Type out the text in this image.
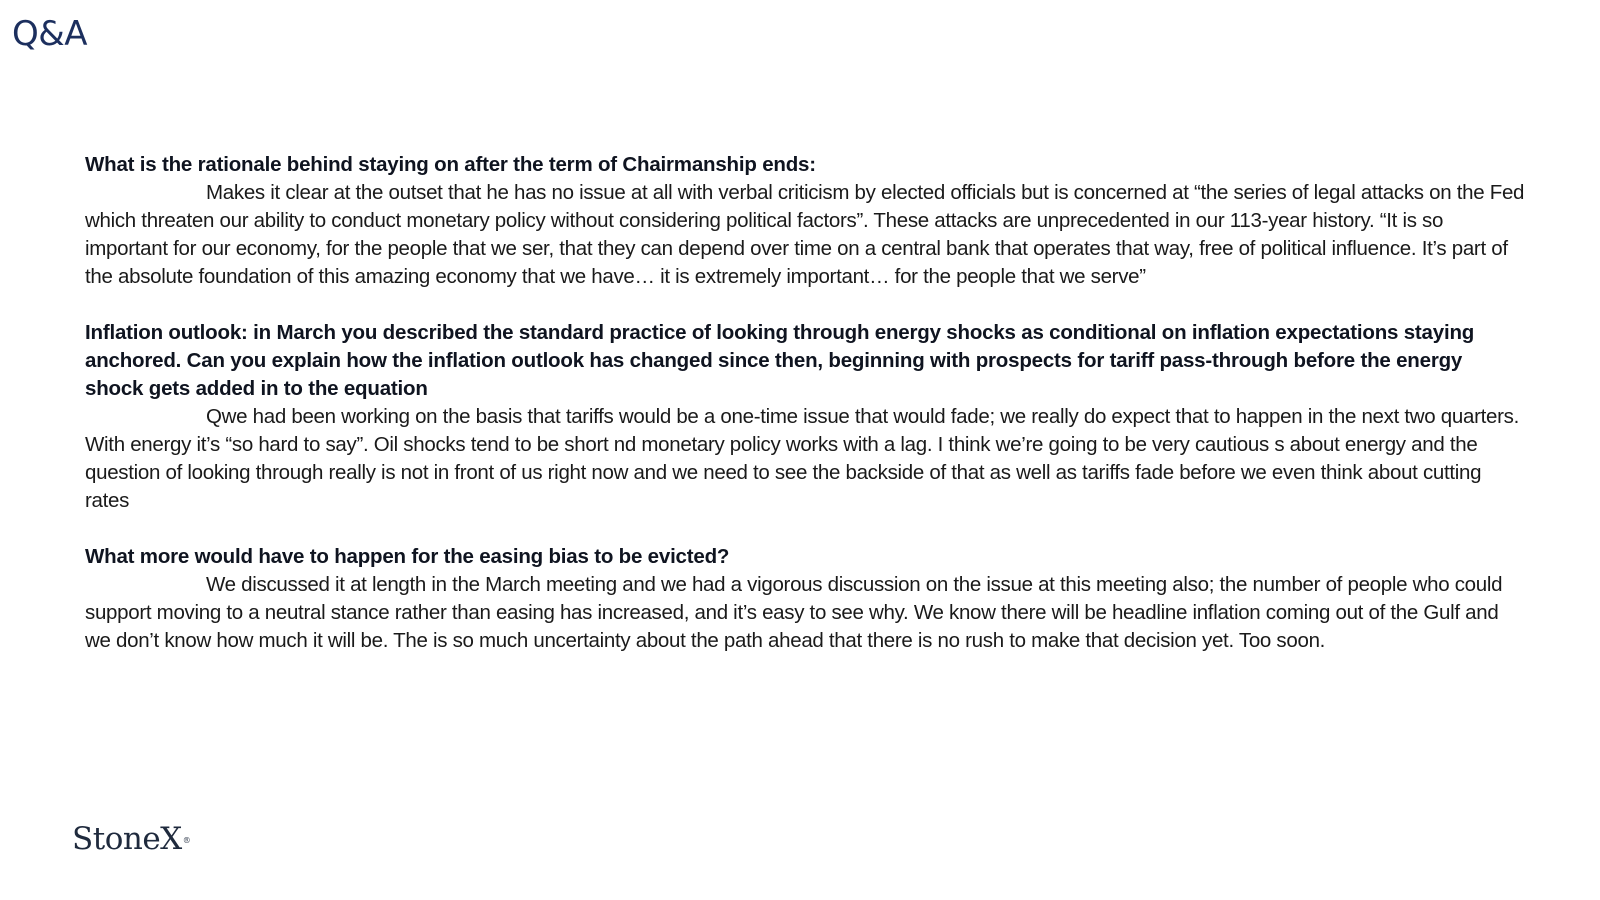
Q&A

What is the rationale behind staying on after the term of Chairmanship ends:

Makes it clear at the outset that he has no issue at all with verbal criticism by elected officials but is concerned at “the series of legal attacks on the Fed which threaten our ability to conduct monetary policy without considering political factors”. These attacks are unprecedented in our 113-year history. “It is so important for our economy, for the people that we ser, that they can depend over time on a central bank that operates that way, free of political influence. It’s part of the absolute foundation of this amazing economy that we have… it is extremely important… for the people that we serve”

Inflation outlook: in March you described the standard practice of looking through energy shocks as conditional on inflation expectations staying anchored. Can you explain how the inflation outlook has changed since then, beginning with prospects for tariff pass-through before the energy shock gets added in to the equation

Qwe had been working on the basis that tariffs would be a one-time issue that would fade; we really do expect that to happen in the next two quarters. With energy it’s “so hard to say”. Oil shocks tend to be short nd monetary policy works with a lag. I think we’re going to be very cautious s about energy and the question of looking through really is not in front of us right now and we need to see the backside of that as well as tariffs fade before we even think about cutting rates

What more would have to happen for the easing bias to be evicted?

We discussed it at length in the March meeting and we had a vigorous discussion on the issue at this meeting also; the number of people who could support moving to a neutral stance rather than easing has increased, and it’s easy to see why. We know there will be headline inflation coming out of the Gulf and we don’t know how much it will be. The is so much uncertainty about the path ahead that there is no rush to make that decision yet. Too soon.

StoneX®
